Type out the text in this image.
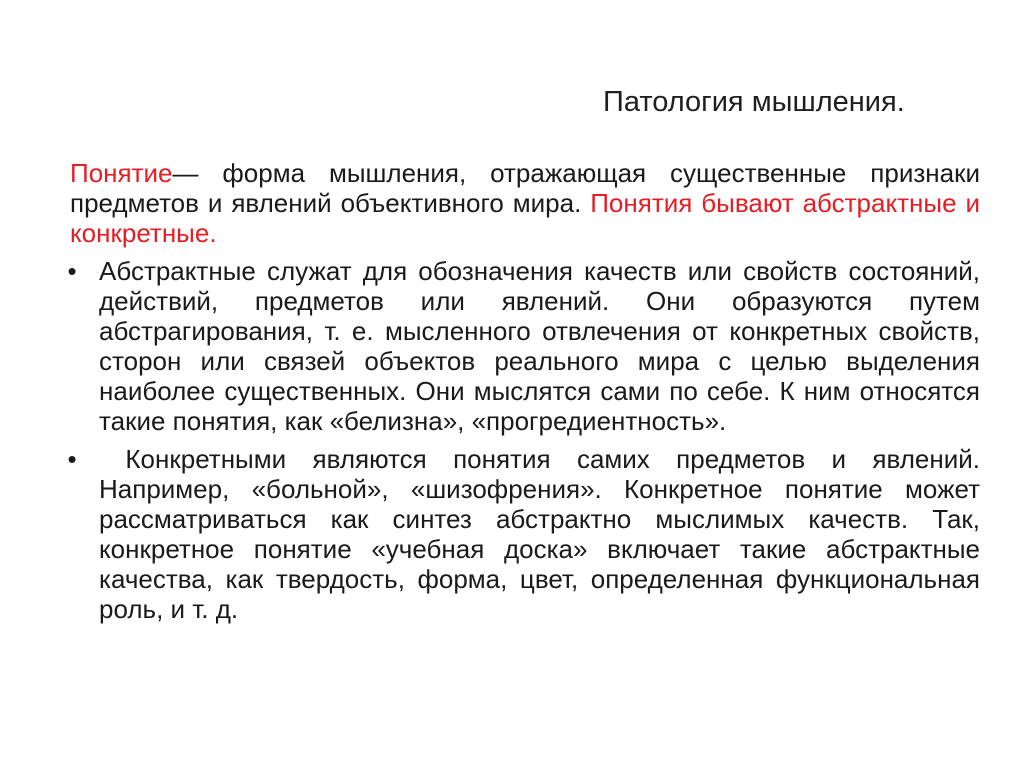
Патология мышления.

Понятие— форма мышления, отражающая существенные признаки предметов и явлений объективного мира. Понятия бывают абстрактные и конкретные.

• Абстрактные служат для обозначения качеств или свойств состояний, действий, предметов или явлений. Они образуются путем абстрагирования, т. е. мысленного отвлечения от конкретных свойств, сторон или связей объектов реального мира с целью выделения наиболее существенных. Они мыслятся сами по себе. К ним относятся такие понятия, как «белизна», «прогредиентность».
• Конкретными являются понятия самих предметов и явлений. Например, «больной», «шизофрения». Конкретное понятие может рассматриваться как синтез абстрактно мыслимых качеств. Так, конкретное понятие «учебная доска» включает такие абстрактные качества, как твердость, форма, цвет, определенная функциональная роль, и т. д.
